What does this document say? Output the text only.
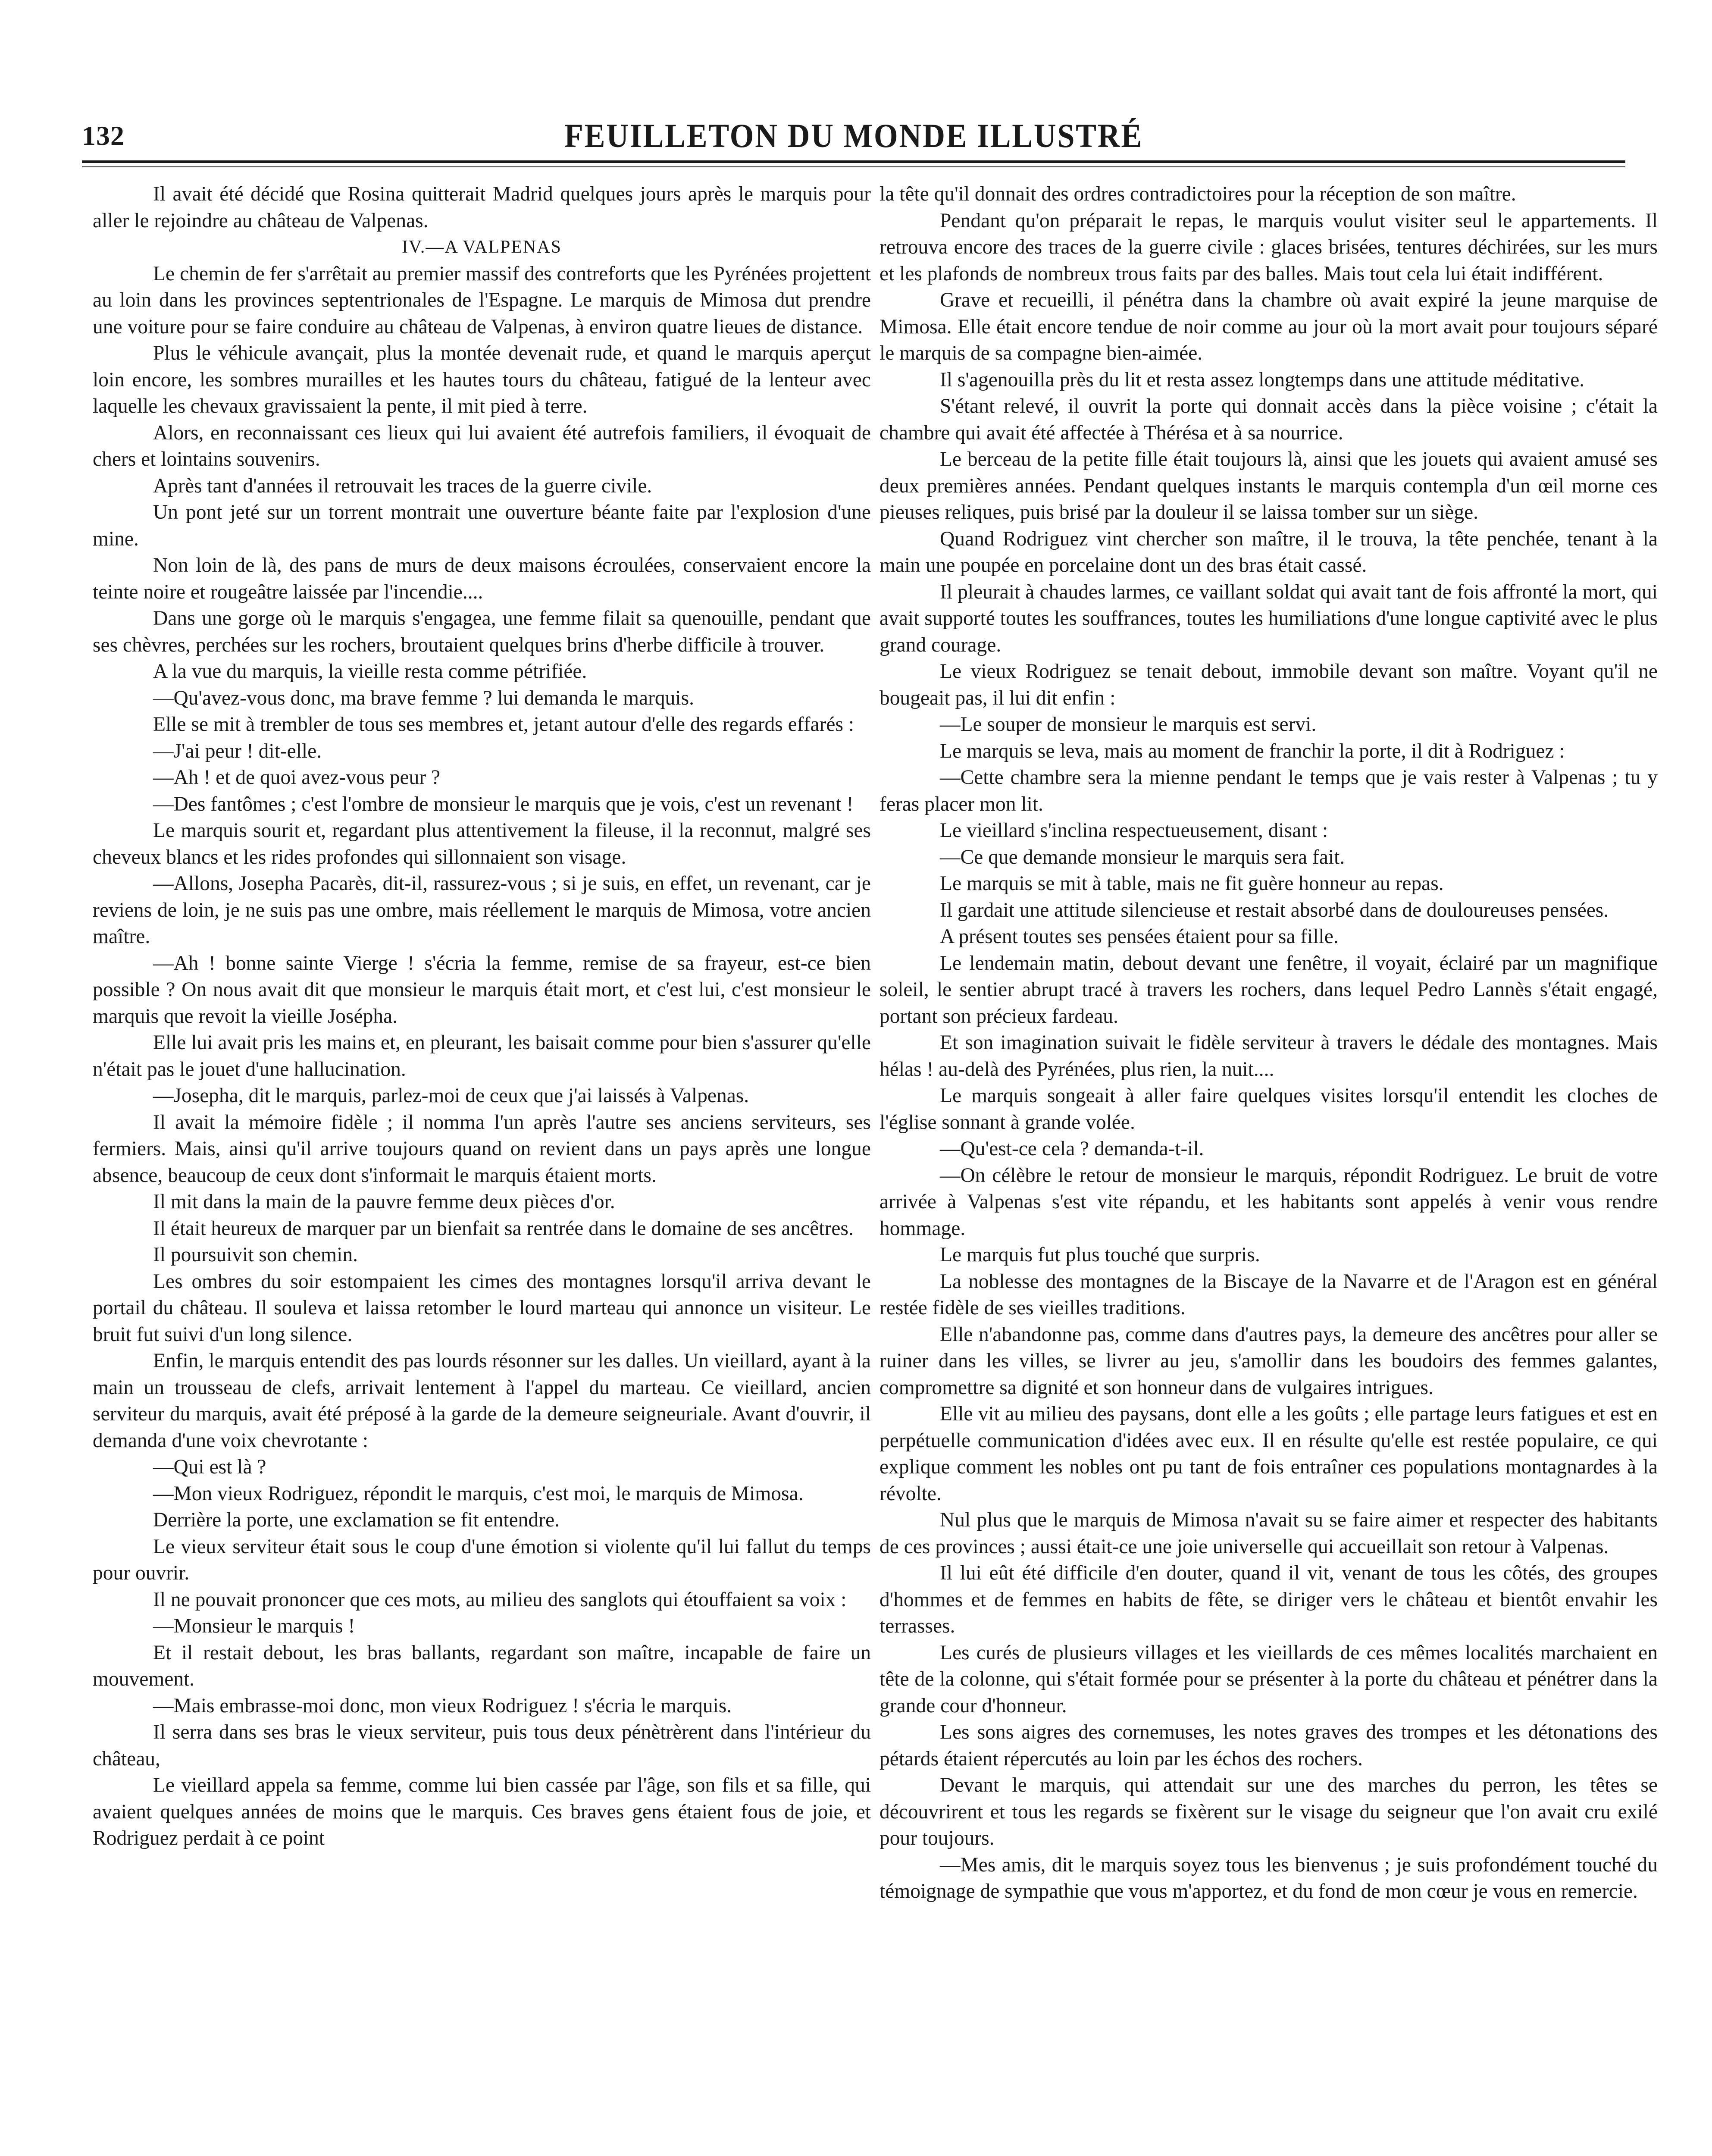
132	FEUILLETON DU MONDE ILLUSTRÉ

Il avait été décidé que Rosina quitterait Madrid quelques jours après le marquis pour aller le rejoindre au château de Valpenas.

IV.—A VALPENAS

Le chemin de fer s'arrêtait au premier massif des contreforts que les Pyrénées projettent au loin dans les provinces septentrionales de l'Espagne. Le marquis de Mimosa dut prendre une voiture pour se faire conduire au château de Valpenas, à environ quatre lieues de distance.

Plus le véhicule avançait, plus la montée devenait rude, et quand le marquis aperçut loin encore, les sombres murailles et les hautes tours du château, fatigué de la lenteur avec laquelle les chevaux gravissaient la pente, il mit pied à terre.

Alors, en reconnaissant ces lieux qui lui avaient été autrefois familiers, il évoquait de chers et lointains souvenirs.

Après tant d'années il retrouvait les traces de la guerre civile.

Un pont jeté sur un torrent montrait une ouverture béante faite par l'explosion d'une mine.

Non loin de là, des pans de murs de deux maisons écroulées, conservaient encore la teinte noire et rougeâtre laissée par l'incendie....

Dans une gorge où le marquis s'engagea, une femme filait sa quenouille, pendant que ses chèvres, perchées sur les rochers, broutaient quelques brins d'herbe difficile à trouver.

A la vue du marquis, la vieille resta comme pétrifiée.

—Qu'avez-vous donc, ma brave femme ? lui demanda le marquis.

Elle se mit à trembler de tous ses membres et, jetant autour d'elle des regards effarés :

—J'ai peur ! dit-elle.

—Ah ! et de quoi avez-vous peur ?

—Des fantômes ; c'est l'ombre de monsieur le marquis que je vois, c'est un revenant !

Le marquis sourit et, regardant plus attentivement la fileuse, il la reconnut, malgré ses cheveux blancs et les rides profondes qui sillonnaient son visage.

—Allons, Josepha Pacarès, dit-il, rassurez-vous ; si je suis, en effet, un revenant, car je reviens de loin, je ne suis pas une ombre, mais réellement le marquis de Mimosa, votre ancien maître.

—Ah ! bonne sainte Vierge ! s'écria la femme, remise de sa frayeur, est-ce bien possible ? On nous avait dit que monsieur le marquis était mort, et c'est lui, c'est monsieur le marquis que revoit la vieille Josépha.

Elle lui avait pris les mains et, en pleurant, les baisait comme pour bien s'assurer qu'elle n'était pas le jouet d'une hallucination.

—Josepha, dit le marquis, parlez-moi de ceux que j'ai laissés à Valpenas.

Il avait la mémoire fidèle ; il nomma l'un après l'autre ses anciens serviteurs, ses fermiers. Mais, ainsi qu'il arrive toujours quand on revient dans un pays après une longue absence, beaucoup de ceux dont s'informait le marquis étaient morts.

Il mit dans la main de la pauvre femme deux pièces d'or.

Il était heureux de marquer par un bienfait sa rentrée dans le domaine de ses ancêtres.

Il poursuivit son chemin.

Les ombres du soir estompaient les cimes des montagnes lorsqu'il arriva devant le portail du château. Il souleva et laissa retomber le lourd marteau qui annonce un visiteur. Le bruit fut suivi d'un long silence.

Enfin, le marquis entendit des pas lourds résonner sur les dalles. Un vieillard, ayant à la main un trousseau de clefs, arrivait lentement à l'appel du marteau. Ce vieillard, ancien serviteur du marquis, avait été préposé à la garde de la demeure seigneuriale. Avant d'ouvrir, il demanda d'une voix chevrotante :

—Qui est là ?

—Mon vieux Rodriguez, répondit le marquis, c'est moi, le marquis de Mimosa.

Derrière la porte, une exclamation se fit entendre.

Le vieux serviteur était sous le coup d'une émotion si violente qu'il lui fallut du temps pour ouvrir.

Il ne pouvait prononcer que ces mots, au milieu des sanglots qui étouffaient sa voix :

—Monsieur le marquis !

Et il restait debout, les bras ballants, regardant son maître, incapable de faire un mouvement.

—Mais embrasse-moi donc, mon vieux Rodriguez ! s'écria le marquis.

Il serra dans ses bras le vieux serviteur, puis tous deux pénètrèrent dans l'intérieur du château,

Le vieillard appela sa femme, comme lui bien cassée par l'âge, son fils et sa fille, qui avaient quelques années de moins que le marquis. Ces braves gens étaient fous de joie, et Rodriguez perdait à ce point

la tête qu'il donnait des ordres contradictoires pour la réception de son maître.

Pendant qu'on préparait le repas, le marquis voulut visiter seul le appartements. Il retrouva encore des traces de la guerre civile : glaces brisées, tentures déchirées, sur les murs et les plafonds de nombreux trous faits par des balles. Mais tout cela lui était indifférent.

Grave et recueilli, il pénétra dans la chambre où avait expiré la jeune marquise de Mimosa. Elle était encore tendue de noir comme au jour où la mort avait pour toujours séparé le marquis de sa compagne bien-aimée.

Il s'agenouilla près du lit et resta assez longtemps dans une attitude méditative.

S'étant relevé, il ouvrit la porte qui donnait accès dans la pièce voisine ; c'était la chambre qui avait été affectée à Thérésa et à sa nourrice.

Le berceau de la petite fille était toujours là, ainsi que les jouets qui avaient amusé ses deux premières années. Pendant quelques instants le marquis contempla d'un œil morne ces pieuses reliques, puis brisé par la douleur il se laissa tomber sur un siège.

Quand Rodriguez vint chercher son maître, il le trouva, la tête penchée, tenant à la main une poupée en porcelaine dont un des bras était cassé.

Il pleurait à chaudes larmes, ce vaillant soldat qui avait tant de fois affronté la mort, qui avait supporté toutes les souffrances, toutes les humiliations d'une longue captivité avec le plus grand courage.

Le vieux Rodriguez se tenait debout, immobile devant son maître. Voyant qu'il ne bougeait pas, il lui dit enfin :

—Le souper de monsieur le marquis est servi.

Le marquis se leva, mais au moment de franchir la porte, il dit à Rodriguez :

—Cette chambre sera la mienne pendant le temps que je vais rester à Valpenas ; tu y feras placer mon lit.

Le vieillard s'inclina respectueusement, disant :

—Ce que demande monsieur le marquis sera fait.

Le marquis se mit à table, mais ne fit guère honneur au repas.

Il gardait une attitude silencieuse et restait absorbé dans de douloureuses pensées.

A présent toutes ses pensées étaient pour sa fille.

Le lendemain matin, debout devant une fenêtre, il voyait, éclairé par un magnifique soleil, le sentier abrupt tracé à travers les rochers, dans lequel Pedro Lannès s'était engagé, portant son précieux fardeau.

Et son imagination suivait le fidèle serviteur à travers le dédale des montagnes. Mais hélas ! au-delà des Pyrénées, plus rien, la nuit....

Le marquis songeait à aller faire quelques visites lorsqu'il entendit les cloches de l'église sonnant à grande volée.

—Qu'est-ce cela ? demanda-t-il.

—On célèbre le retour de monsieur le marquis, répondit Rodriguez. Le bruit de votre arrivée à Valpenas s'est vite répandu, et les habitants sont appelés à venir vous rendre hommage.

Le marquis fut plus touché que surpris.

La noblesse des montagnes de la Biscaye de la Navarre et de l'Aragon est en général restée fidèle de ses vieilles traditions.

Elle n'abandonne pas, comme dans d'autres pays, la demeure des ancêtres pour aller se ruiner dans les villes, se livrer au jeu, s'amollir dans les boudoirs des femmes galantes, compromettre sa dignité et son honneur dans de vulgaires intrigues.

Elle vit au milieu des paysans, dont elle a les goûts ; elle partage leurs fatigues et est en perpétuelle communication d'idées avec eux. Il en résulte qu'elle est restée populaire, ce qui explique comment les nobles ont pu tant de fois entraîner ces populations montagnardes à la révolte.

Nul plus que le marquis de Mimosa n'avait su se faire aimer et respecter des habitants de ces provinces ; aussi était-ce une joie universelle qui accueillait son retour à Valpenas.

Il lui eût été difficile d'en douter, quand il vit, venant de tous les côtés, des groupes d'hommes et de femmes en habits de fête, se diriger vers le château et bientôt envahir les terrasses.

Les curés de plusieurs villages et les vieillards de ces mêmes localités marchaient en tête de la colonne, qui s'était formée pour se présenter à la porte du château et pénétrer dans la grande cour d'honneur.

Les sons aigres des cornemuses, les notes graves des trompes et les détonations des pétards étaient répercutés au loin par les échos des rochers.

Devant le marquis, qui attendait sur une des marches du perron, les têtes se découvrirent et tous les regards se fixèrent sur le visage du seigneur que l'on avait cru exilé pour toujours.

—Mes amis, dit le marquis soyez tous les bienvenus ; je suis profondément touché du témoignage de sympathie que vous m'apportez, et du fond de mon cœur je vous en remercie.
